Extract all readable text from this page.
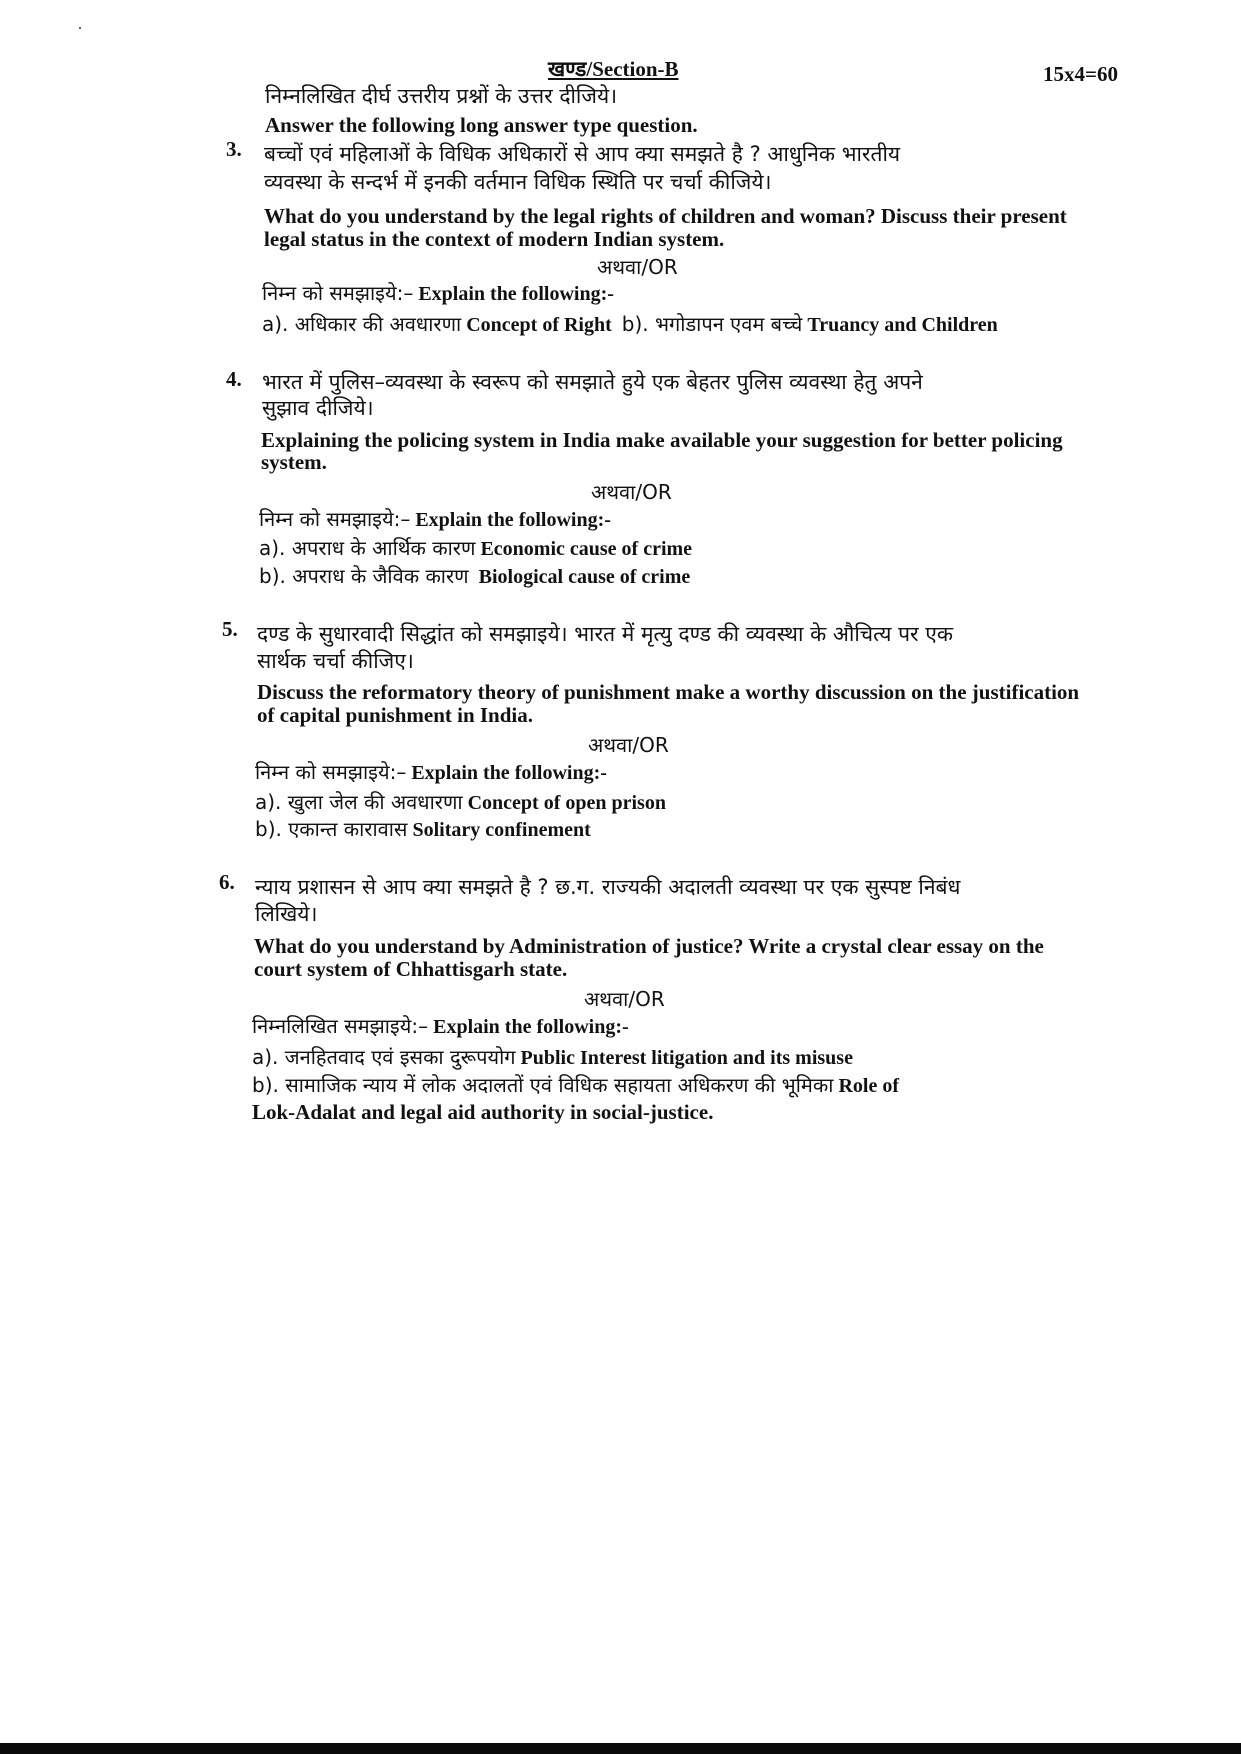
खण्ड/Section-B	15x4=60
निम्नलिखित दीर्घ उत्तरीय प्रश्नों के उत्तर दीजिये।
Answer the following long answer type question.
3. बच्चों एवं महिलाओं के विधिक अधिकारों से आप क्या समझते है ? आधुनिक भारतीय
व्यवस्था के सन्दर्भ में इनकी वर्तमान विधिक स्थिति पर चर्चा कीजिये।
What do you understand by the legal rights of children and woman? Discuss their present
legal status in the context of modern Indian system.
अथवा/OR
निम्न को समझाइये:– Explain the following:-
a). अधिकार की अवधारणा Concept of Right b). भगोडापन एवम बच्चे Truancy and Children
4. भारत में पुलिस–व्यवस्था के स्वरूप को समझाते हुये एक बेहतर पुलिस व्यवस्था हेतु अपने
सुझाव दीजिये।
Explaining the policing system in India make available your suggestion for better policing
system.
अथवा/OR
निम्न को समझाइये:– Explain the following:-
a). अपराध के आर्थिक कारण Economic cause of crime
b). अपराध के जैविक कारण Biological cause of crime
5. दण्ड के सुधारवादी सिद्धांत को समझाइये। भारत में मृत्यु दण्ड की व्यवस्था के औचित्य पर एक
सार्थक चर्चा कीजिए।
Discuss the reformatory theory of punishment make a worthy discussion on the justification
of capital punishment in India.
अथवा/OR
निम्न को समझाइये:– Explain the following:-
a). खुला जेल की अवधारणा Concept of open prison
b). एकान्त कारावास Solitary confinement
6. न्याय प्रशासन से आप क्या समझते है ? छ.ग. राज्यकी अदालती व्यवस्था पर एक सुस्पष्ट निबंध
लिखिये।
What do you understand by Administration of justice? Write a crystal clear essay on the
court system of Chhattisgarh state.
अथवा/OR
निम्नलिखित समझाइये:– Explain the following:-
a). जनहितवाद एवं इसका दुरूपयोग Public Interest litigation and its misuse
b). सामाजिक न्याय में लोक अदालतों एवं विधिक सहायता अधिकरण की भूमिका Role of
Lok-Adalat and legal aid authority in social-justice.
